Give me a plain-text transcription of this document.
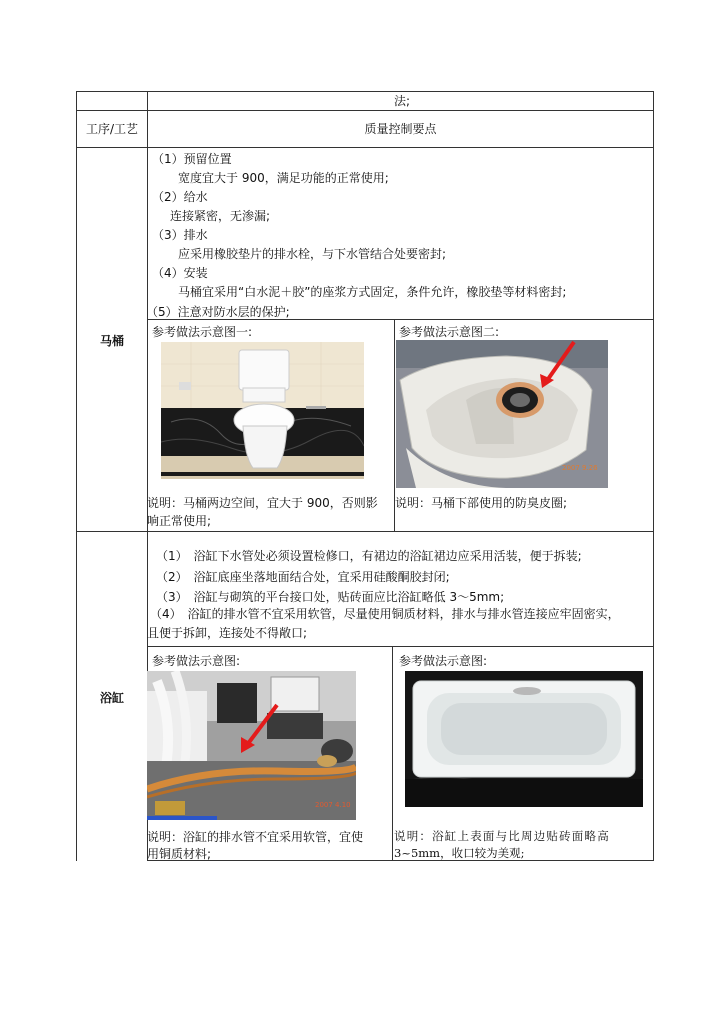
法;
工序/工艺	质量控制要点
马桶
（1）预留位置
宽度宜大于 900，满足功能的正常使用;
（2）给水
连接紧密，无渗漏;
（3）排水
应采用橡胶垫片的排水栓，与下水管结合处要密封;
（4）安装
马桶宜采用“白水泥＋胶”的座浆方式固定，条件允许，橡胶垫等材料密封;
（5）注意对防水层的保护;
参考做法示意图一:	参考做法示意图二:
2007 9.26
说明：马桶两边空间，宜大于 900，否则影
响正常使用;
说明：马桶下部使用的防臭皮圈;
浴缸
（1）　浴缸下水管处必须设置检修口，有裙边的浴缸裙边应采用活装，便于拆装;
（2）　浴缸底座坐落地面结合处，宜采用硅酸酮胶封闭;
（3）　浴缸与砌筑的平台接口处，贴砖面应比浴缸略低 3～5mm;
（4）　浴缸的排水管不宜采用软管，尽量使用铜质材料，排水与排水管连接应牢固密实，
且便于拆卸，连接处不得敞口;
参考做法示意图:	参考做法示意图:
2007 4.10
说明：浴缸的排水管不宜采用软管，宜使
用铜质材料;
说明：浴缸上表面与比周边贴砖面略高
3~5mm，收口较为美观;
